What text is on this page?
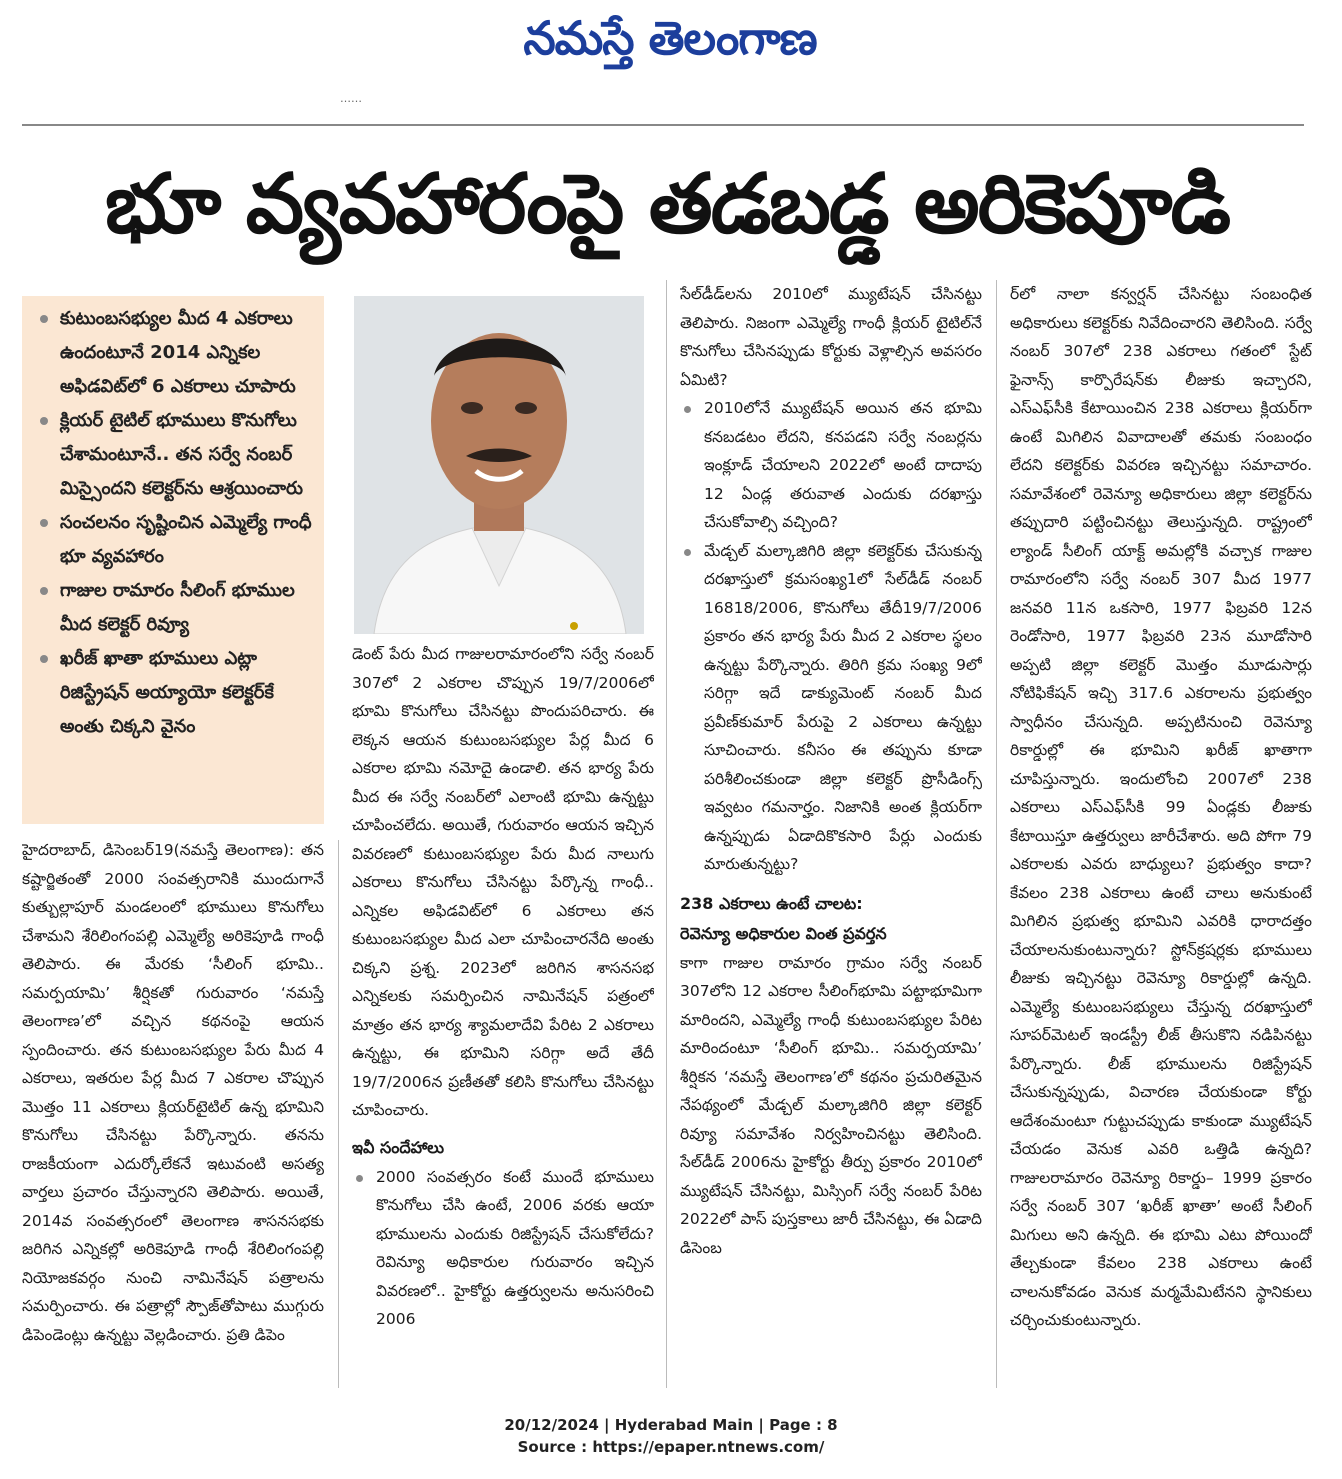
నమస్తే తెలంగాణ
……
భూ వ్యవహారంపై తడబడ్డ అరికెపూడి
కుటుంబసభ్యుల మీద 4 ఎకరాలు ఉందంటూనే 2014 ఎన్నికల అఫిడవిట్‌లో 6 ఎకరాలు చూపారు
క్లియర్ టైటిల్ భూములు కొనుగోలు చేశామంటూనే.. తన సర్వే నంబర్ మిస్సైందని కలెక్టర్‌ను ఆశ్రయించారు
సంచలనం సృష్టించిన ఎమ్మెల్యే గాంధీ భూ వ్యవహారం
గాజుల రామారం సీలింగ్ భూముల మీద కలెక్టర్ రివ్యూ
ఖరీజ్ ఖాతా భూములు ఎట్లా రిజిస్ట్రేషన్ అయ్యాయో కలెక్టర్‌కే అంతు చిక్కని వైనం

హైదరాబాద్, డిసెంబర్19(నమస్తే తెలంగాణ): తన కష్టార్జితంతో 2000 సంవత్సరానికి ముందుగానే కుత్బుల్లాపూర్ మండలంలో భూములు కొనుగోలు చేశామని శేరిలింగంపల్లి ఎమ్మెల్యే అరికెపూడి గాంధీ తెలిపారు. ఈ మేరకు ‘సీలింగ్ భూమి.. సమర్పయామి’ శీర్షికతో గురువారం ‘నమస్తే తెలంగాణ’లో వచ్చిన కథనంపై ఆయన స్పందించారు. తన కుటుంబసభ్యుల పేరు మీద 4 ఎకరాలు, ఇతరుల పేర్ల మీద 7 ఎకరాల చొప్పున మొత్తం 11 ఎకరాలు క్లియర్‌టైటిల్ ఉన్న భూమిని కొనుగోలు చేసినట్టు పేర్కొన్నారు. తనను రాజకీయంగా ఎదుర్కోలేకనే ఇటువంటి అసత్య వార్తలు ప్రచారం చేస్తున్నారని తెలిపారు. అయితే, 2014వ సంవత్సరంలో తెలంగాణ శాసనసభకు జరిగిన ఎన్నికల్లో అరికెపూడి గాంధీ శేరిలింగంపల్లి నియోజకవర్గం నుంచి నామినేషన్ పత్రాలను సమర్పించారు. ఈ పత్రాల్లో స్పౌజ్‌తోపాటు ముగ్గురు డిపెండెంట్లు ఉన్నట్టు వెల్లడించారు. ప్రతి డిపెం

డెంట్ పేరు మీద గాజులరామారంలోని సర్వే నంబర్ 307లో 2 ఎకరాల చొప్పున 19/7/2006లో భూమి కొనుగోలు చేసినట్టు పొందుపరిచారు. ఈ లెక్కన ఆయన కుటుంబసభ్యుల పేర్ల మీద 6 ఎకరాల భూమి నమోదై ఉండాలి. తన భార్య పేరు మీద ఈ సర్వే నంబర్‌లో ఎలాంటి భూమి ఉన్నట్టు చూపించలేదు. అయితే, గురువారం ఆయన ఇచ్చిన వివరణలో కుటుంబసభ్యుల పేరు మీద నాలుగు ఎకరాలు కొనుగోలు చేసినట్టు పేర్కొన్న గాంధీ.. ఎన్నికల అఫిడవిట్‌లో 6 ఎకరాలు తన కుటుంబసభ్యుల మీద ఎలా చూపించారనేది అంతు చిక్కని ప్రశ్న. 2023లో జరిగిన శాసనసభ ఎన్నికలకు సమర్పించిన నామినేషన్ పత్రంలో మాత్రం తన భార్య శ్యామలాదేవి పేరిట 2 ఎకరాలు ఉన్నట్టు, ఈ భూమిని సరిగ్గా అదే తేదీ 19/7/2006న ప్రణీతతో కలిసి కొనుగోలు చేసినట్టు చూపించారు.

ఇవీ సందేహాలు

2000 సంవత్సరం కంటే ముందే భూములు కొనుగోలు చేసి ఉంటే, 2006 వరకు ఆయా భూములను ఎందుకు రిజిస్ట్రేషన్ చేసుకోలేదు? రెవిన్యూ అధికారుల గురువారం ఇచ్చిన వివరణలో.. హైకోర్టు ఉత్తర్వులను అనుసరించి 2006

సేల్‌డీడ్‌లను 2010లో మ్యుటేషన్ చేసినట్టు తెలిపారు. నిజంగా ఎమ్మెల్యే గాంధీ క్లియర్ టైటిల్‌నే కొనుగోలు చేసినప్పుడు కోర్టుకు వెళ్లాల్సిన అవసరం ఏమిటి?

2010లోనే మ్యుటేషన్ అయిన తన భూమి కనబడటం లేదని, కనపడని సర్వే నంబర్లను ఇంక్లూడ్ చేయాలని 2022లో అంటే దాదాపు 12 ఏండ్ల తరువాత ఎందుకు దరఖాస్తు చేసుకోవాల్సి వచ్చింది?
మేడ్చల్ మల్కాజిగిరి జిల్లా కలెక్టర్‌కు చేసుకున్న దరఖాస్తులో క్రమసంఖ్య1లో సేల్‌డీడ్ నంబర్ 16818/2006, కొనుగోలు తేదీ19/7/2006 ప్రకారం తన భార్య పేరు మీద 2 ఎకరాల స్థలం ఉన్నట్టు పేర్కొన్నారు. తిరిగి క్రమ సంఖ్య 9లో సరిగ్గా ఇదే డాక్యుమెంట్ నంబర్ మీద ప్రవీణ్‌కుమార్ పేరుపై 2 ఎకరాలు ఉన్నట్టు సూచించారు. కనీసం ఈ తప్పును కూడా పరిశీలించకుండా జిల్లా కలెక్టర్ ప్రొసీడింగ్స్ ఇవ్వటం గమనార్హం. నిజానికి అంత క్లియర్‌గా ఉన్నప్పుడు ఏడాదికొకసారి పేర్లు ఎందుకు మారుతున్నట్టు?

238 ఎకరాలు ఉంటే చాలట:

రెవెన్యూ అధికారుల వింత ప్రవర్తన

కాగా గాజుల రామారం గ్రామం సర్వే నంబర్ 307లోని 12 ఎకరాల సీలింగ్‌భూమి పట్టాభూమిగా మారిందని, ఎమ్మెల్యే గాంధీ కుటుంబసభ్యుల పేరిట మారిందంటూ ‘సీలింగ్ భూమి.. సమర్పయామి’ శీర్షికన ‘నమస్తే తెలంగాణ’లో కథనం ప్రచురితమైన నేపథ్యంలో మేడ్చల్ మల్కాజిగిరి జిల్లా కలెక్టర్ రివ్యూ సమావేశం నిర్వహించినట్టు తెలిసింది. సేల్‌డీడ్ 2006ను హైకోర్టు తీర్పు ప్రకారం 2010లో మ్యుటేషన్ చేసినట్టు, మిస్సింగ్ సర్వే నంబర్ పేరిట 2022లో పాస్ పుస్తకాలు జారీ చేసినట్టు, ఈ ఏడాది డిసెంబ

ర్‌లో నాలా కన్వర్షన్ చేసినట్టు సంబంధిత అధికారులు కలెక్టర్‌కు నివేదించారని తెలిసింది. సర్వే నంబర్ 307లో 238 ఎకరాలు గతంలో స్టేట్ ఫైనాన్స్ కార్పొరేషన్‌కు లీజుకు ఇచ్చారని, ఎస్‌ఎఫ్‌సీకి కేటాయించిన 238 ఎకరాలు క్లియర్‌గా ఉంటే మిగిలిన వివాదాలతో తమకు సంబంధం లేదని కలెక్టర్‌కు వివరణ ఇచ్చినట్టు సమాచారం. సమావేశంలో రెవెన్యూ అధికారులు జిల్లా కలెక్టర్‌ను తప్పుదారి పట్టించినట్టు తెలుస్తున్నది. రాష్ట్రంలో ల్యాండ్ సీలింగ్ యాక్ట్ అమల్లోకి వచ్చాక గాజుల రామారంలోని సర్వే నంబర్ 307 మీద 1977 జనవరి 11న ఒకసారి, 1977 ఫిబ్రవరి 12న రెండోసారి, 1977 ఫిబ్రవరి 23న మూడోసారి అప్పటి జిల్లా కలెక్టర్ మొత్తం మూడుసార్లు నోటిఫికేషన్ ఇచ్చి 317.6 ఎకరాలను ప్రభుత్వం స్వాధీనం చేసున్నది. అప్పటినుంచి రెవెన్యూ రికార్డుల్లో ఈ భూమిని ఖరీజ్ ఖాతాగా చూపిస్తున్నారు. ఇందులోంచి 2007లో 238 ఎకరాలు ఎస్‌ఎఫ్‌సీకి 99 ఏండ్లకు లీజుకు కేటాయిస్తూ ఉత్తర్వులు జారీచేశారు. అది పోగా 79 ఎకరాలకు ఎవరు బాధ్యులు? ప్రభుత్వం కాదా? కేవలం 238 ఎకరాలు ఉంటే చాలు అనుకుంటే మిగిలిన ప్రభుత్వ భూమిని ఎవరికి ధారాదత్తం చేయాలనుకుంటున్నారు? స్టోన్‌క్రషర్లకు భూములు లీజుకు ఇచ్చినట్టు రెవెన్యూ రికార్డుల్లో ఉన్నది. ఎమ్మెల్యే కుటుంబసభ్యులు చేస్తున్న దరఖాస్తులో సూపర్‌మెటల్ ఇండస్ట్రీ లీజ్ తీసుకొని నడిపినట్టు పేర్కొన్నారు. లీజ్ భూములను రిజిస్ట్రేషన్ చేసుకున్నప్పుడు, విచారణ చేయకుండా కోర్టు ఆదేశంమంటూ గుట్టుచప్పుడు కాకుండా మ్యుటేషన్ చేయడం వెనుక ఎవరి ఒత్తిడి ఉన్నది? గాజులరామారం రెవెన్యూ రికార్డు– 1999 ప్రకారం సర్వే నంబర్ 307 ‘ఖరీజ్ ఖాతా’ అంటే సీలింగ్ మిగులు అని ఉన్నది. ఈ భూమి ఎటు పోయిందో తేల్చకుండా కేవలం 238 ఎకరాలు ఉంటే చాలనుకోవడం వెనుక మర్మమేమిటేనని స్థానికులు చర్చించుకుంటున్నారు.

20/12/2024 | Hyderabad Main | Page : 8
Source : https://epaper.ntnews.com/
